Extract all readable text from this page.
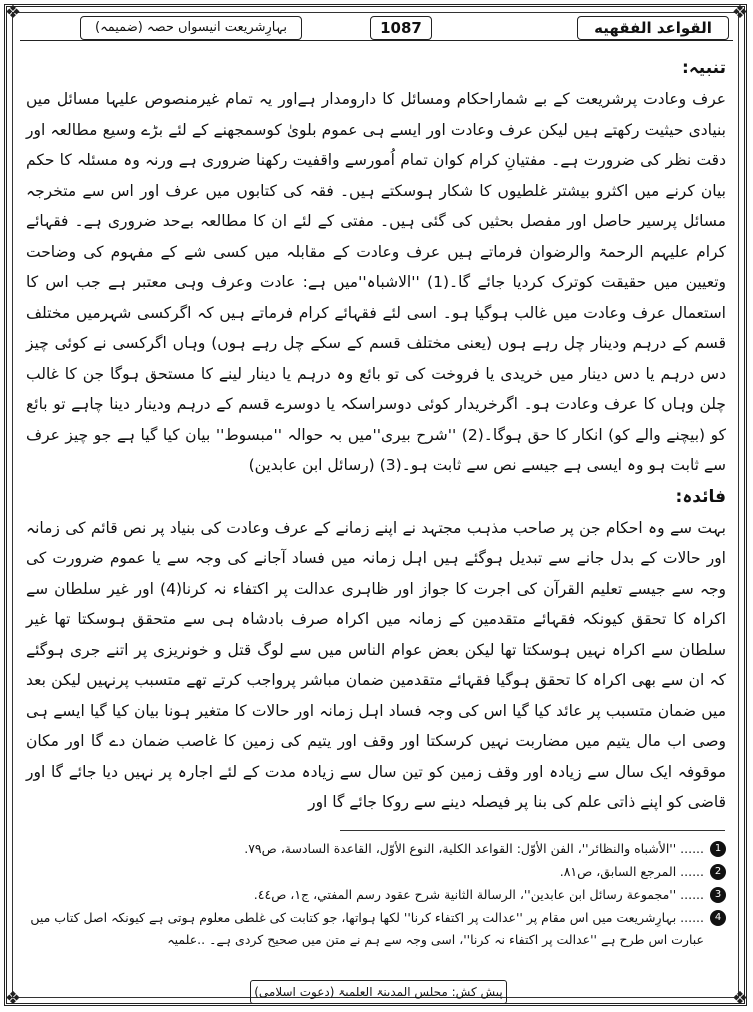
❖	❖
❖	❖
القواعد الفقهيه
1087
بہارِشریعت انیسواں حصہ (ضمیمہ)

تنبیہ:

عرف وعادت پرشریعت کے بے شماراحکام ومسائل کا دارومدار ہےاور یہ تمام غیرمنصوص علیہا مسائل میں بنیادی حیثیت رکھتے ہیں لیکن عرف وعادت اور ایسے ہی عموم بلویٰ کوسمجھنے کے لئے بڑے وسیع مطالعہ اور دقت نظر کی ضرورت ہے۔ مفتیانِ کرام کوان تمام اُمورسے واقفیت رکھنا ضروری ہے ورنہ وہ مسئلہ کا حکم بیان کرنے میں اکثرو بیشتر غلطیوں کا شکار ہوسکتے ہیں۔ فقہ کی کتابوں میں عرف اور اس سے متخرجہ مسائل پرسیر حاصل اور مفصل بحثیں کی گئی ہیں۔ مفتی کے لئے ان کا مطالعہ بےحد ضروری ہے۔ فقہائے کرام علیہم الرحمۃ والرضوان فرماتے ہیں عرف وعادت کے مقابلہ میں کسی شے کے مفہوم کی وضاحت وتعیین میں حقیقت کوترک کردیا جائے گا۔(1) ''الاشباہ''میں ہے: عادت وعرف وہی معتبر ہے جب اس کا استعمال عرف وعادت میں غالب ہوگیا ہو۔ اسی لئے فقہائے کرام فرماتے ہیں کہ اگرکسی شہرمیں مختلف قسم کے درہم ودینار چل رہے ہوں (یعنی مختلف قسم کے سکے چل رہے ہوں) وہاں اگرکسی نے کوئی چیز دس درہم یا دس دینار میں خریدی یا فروخت کی تو بائع وہ درہم یا دینار لینے کا مستحق ہوگا جن کا غالب چلن وہاں کا عرف وعادت ہو۔ اگرخریدار کوئی دوسراسکہ یا دوسرے قسم کے درہم ودینار دینا چاہے تو بائع کو (بیچنے والے کو) انکار کا حق ہوگا۔(2) ''شرح بیری''میں بہ حوالہ ''مبسوط'' بیان کیا گیا ہے جو چیز عرف سے ثابت ہو وہ ایسی ہے جیسے نص سے ثابت ہو۔(3) (رسائل ابن عابدین)

فائدہ:

بہت سے وہ احکام جن پر صاحب مذہب مجتہد نے اپنے زمانے کے عرف وعادت کی بنیاد پر نص قائم کی زمانہ اور حالات کے بدل جانے سے تبدیل ہوگئے ہیں اہل زمانہ میں فساد آجانے کی وجہ سے یا عموم ضرورت کی وجہ سے جیسے تعلیم القرآن کی اجرت کا جواز اور ظاہری عدالت پر اکتفاء نہ کرنا(4) اور غیر سلطان سے اکراہ کا تحقق کیونکہ فقہائے متقدمین کے زمانہ میں اکراہ صرف بادشاہ ہی سے متحقق ہوسکتا تھا غیر سلطان سے اکراہ نہیں ہوسکتا تھا لیکن بعض عوام الناس میں سے لوگ قتل و خونریزی پر اتنے جری ہوگئے کہ ان سے بھی اکراہ کا تحقق ہوگیا فقہائے متقدمین ضمان مباشر پرواجب کرتے تھے متسبب پرنہیں لیکن بعد میں ضمان متسبب پر عائد کیا گیا اس کی وجہ فساد اہل زمانہ اور حالات کا متغیر ہونا بیان کیا گیا ایسے ہی وصی اب مال یتیم میں مضاربت نہیں کرسکتا اور وقف اور یتیم کی زمین کا غاصب ضمان دے گا اور مکان موقوفہ ایک سال سے زیادہ اور وقف زمین کو تین سال سے زیادہ مدت کے لئے اجارہ پر نہیں دیا جائے گا اور قاضی کو اپنے ذاتی علم کی بنا پر فیصلہ دینے سے روکا جائے گا اور

1
...... ''الأشباه والنظائر''، الفن الأوّل: القواعد الكلية، النوع الأوّل، القاعدة السادسة، ص٧٩.
2
...... المرجع السابق، ص٨١.
3
...... ''مجموعة رسائل ابن عابدين''، الرسالة الثانية شرح عقود رسم المفتي، ج١، ص٤٤.
4
...... بہارِشریعت میں اس مقام پر ''عدالت پر اکتفاء کرنا'' لکھا ہواتھا، جو کتابت کی غلطی معلوم ہوتی ہے کیونکہ اصل کتاب میں عبارت اس طرح ہے ''عدالت پر اکتفاء نہ کرنا''، اسی وجہ سے ہم نے متن میں صحیح کردی ہے۔ ..علمیہ
پیش کش: مجلس المدینۃ العلمیۃ (دعوت اسلامی)
